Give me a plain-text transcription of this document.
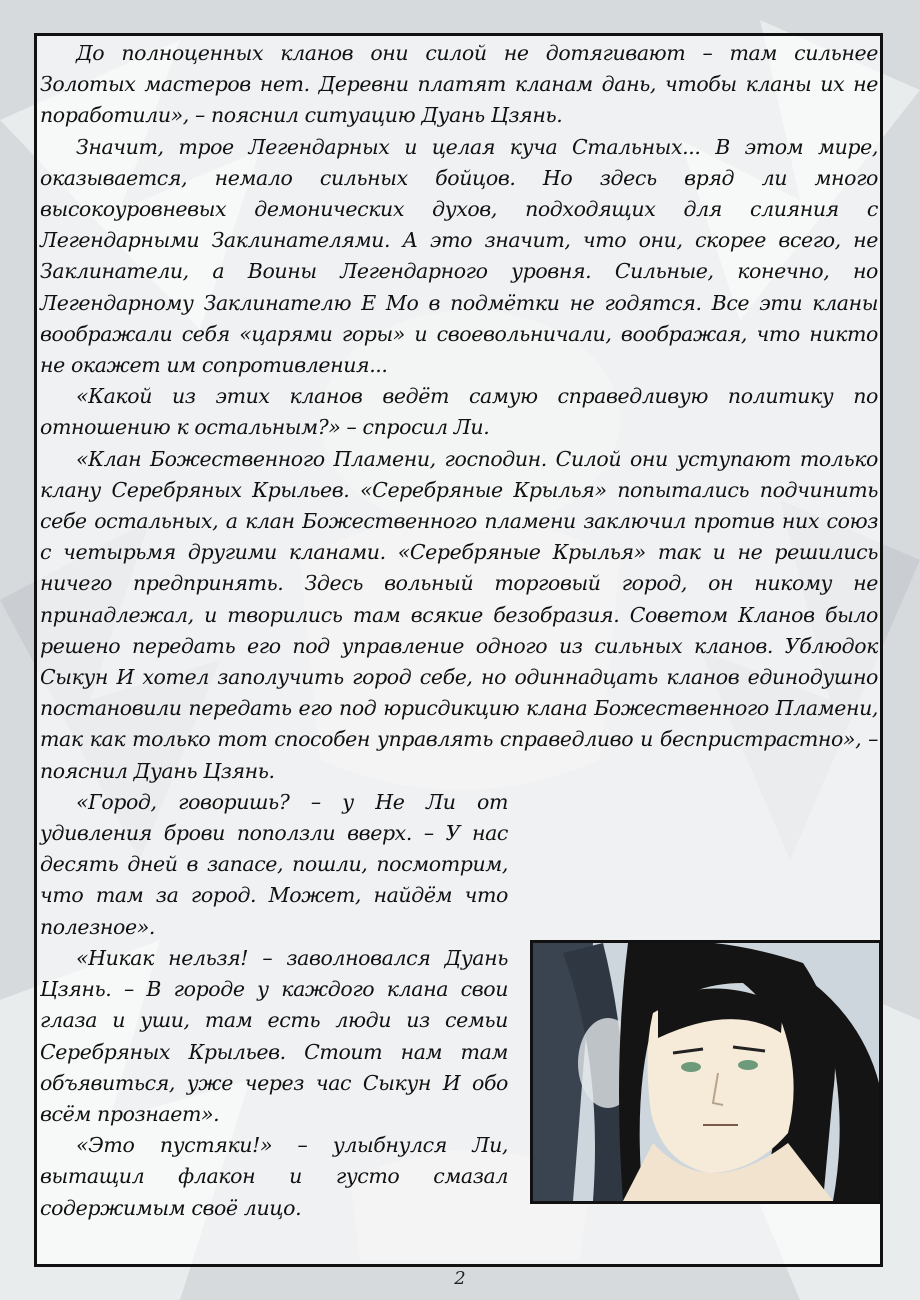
До полноценных кланов они силой не дотягивают – там сильнее Золотых мастеров нет. Деревни платят кланам дань, чтобы кланы их не поработили», – пояснил ситуацию Дуань Цзянь.

Значит, трое Легендарных и целая куча Стальных... В этом мире, оказывается, немало сильных бойцов. Но здесь вряд ли много высокоуровневых демонических духов, подходящих для слияния с Легендарными Заклинателями. А это значит, что они, скорее всего, не Заклинатели, а Воины Легендарного уровня. Сильные, конечно, но Легендарному Заклинателю Е Мо в подмётки не годятся. Все эти кланы воображали себя «царями горы» и своевольничали, воображая, что никто не окажет им сопротивления...

«Какой из этих кланов ведёт самую справедливую политику по отношению к остальным?» – спросил Ли.

«Клан Божественного Пламени, господин. Силой они уступают только клану Серебряных Крыльев. «Серебряные Крылья» попытались подчинить себе остальных, а клан Божественного пламени заключил против них союз с четырьмя другими кланами. «Серебряные Крылья» так и не решились ничего предпринять. Здесь вольный торговый город, он никому не принадлежал, и творились там всякие безобразия. Советом Кланов было решено передать его под управление одного из сильных кланов. Ублюдок Сыкун И хотел заполучить город себе, но одиннадцать кланов единодушно постановили передать его под юрисдикцию клана Божественного Пламени, так как только тот способен управлять справедливо и беспристрастно», – пояснил Дуань Цзянь.

«Город, говоришь? – у Не Ли от удивления брови поползли вверх. – У нас десять дней в запасе, пошли, посмотрим, что там за город. Может, найдём что полезное».

«Никак нельзя! – заволновался Дуань Цзянь. – В городе у каждого клана свои глаза и уши, там есть люди из семьи Серебряных Крыльев. Стоит нам там объявиться, уже через час Сыкун И обо всём прознает».

«Это пустяки!» – улыбнулся Ли, вытащил флакон и густо смазал содержимым своё лицо.

2
